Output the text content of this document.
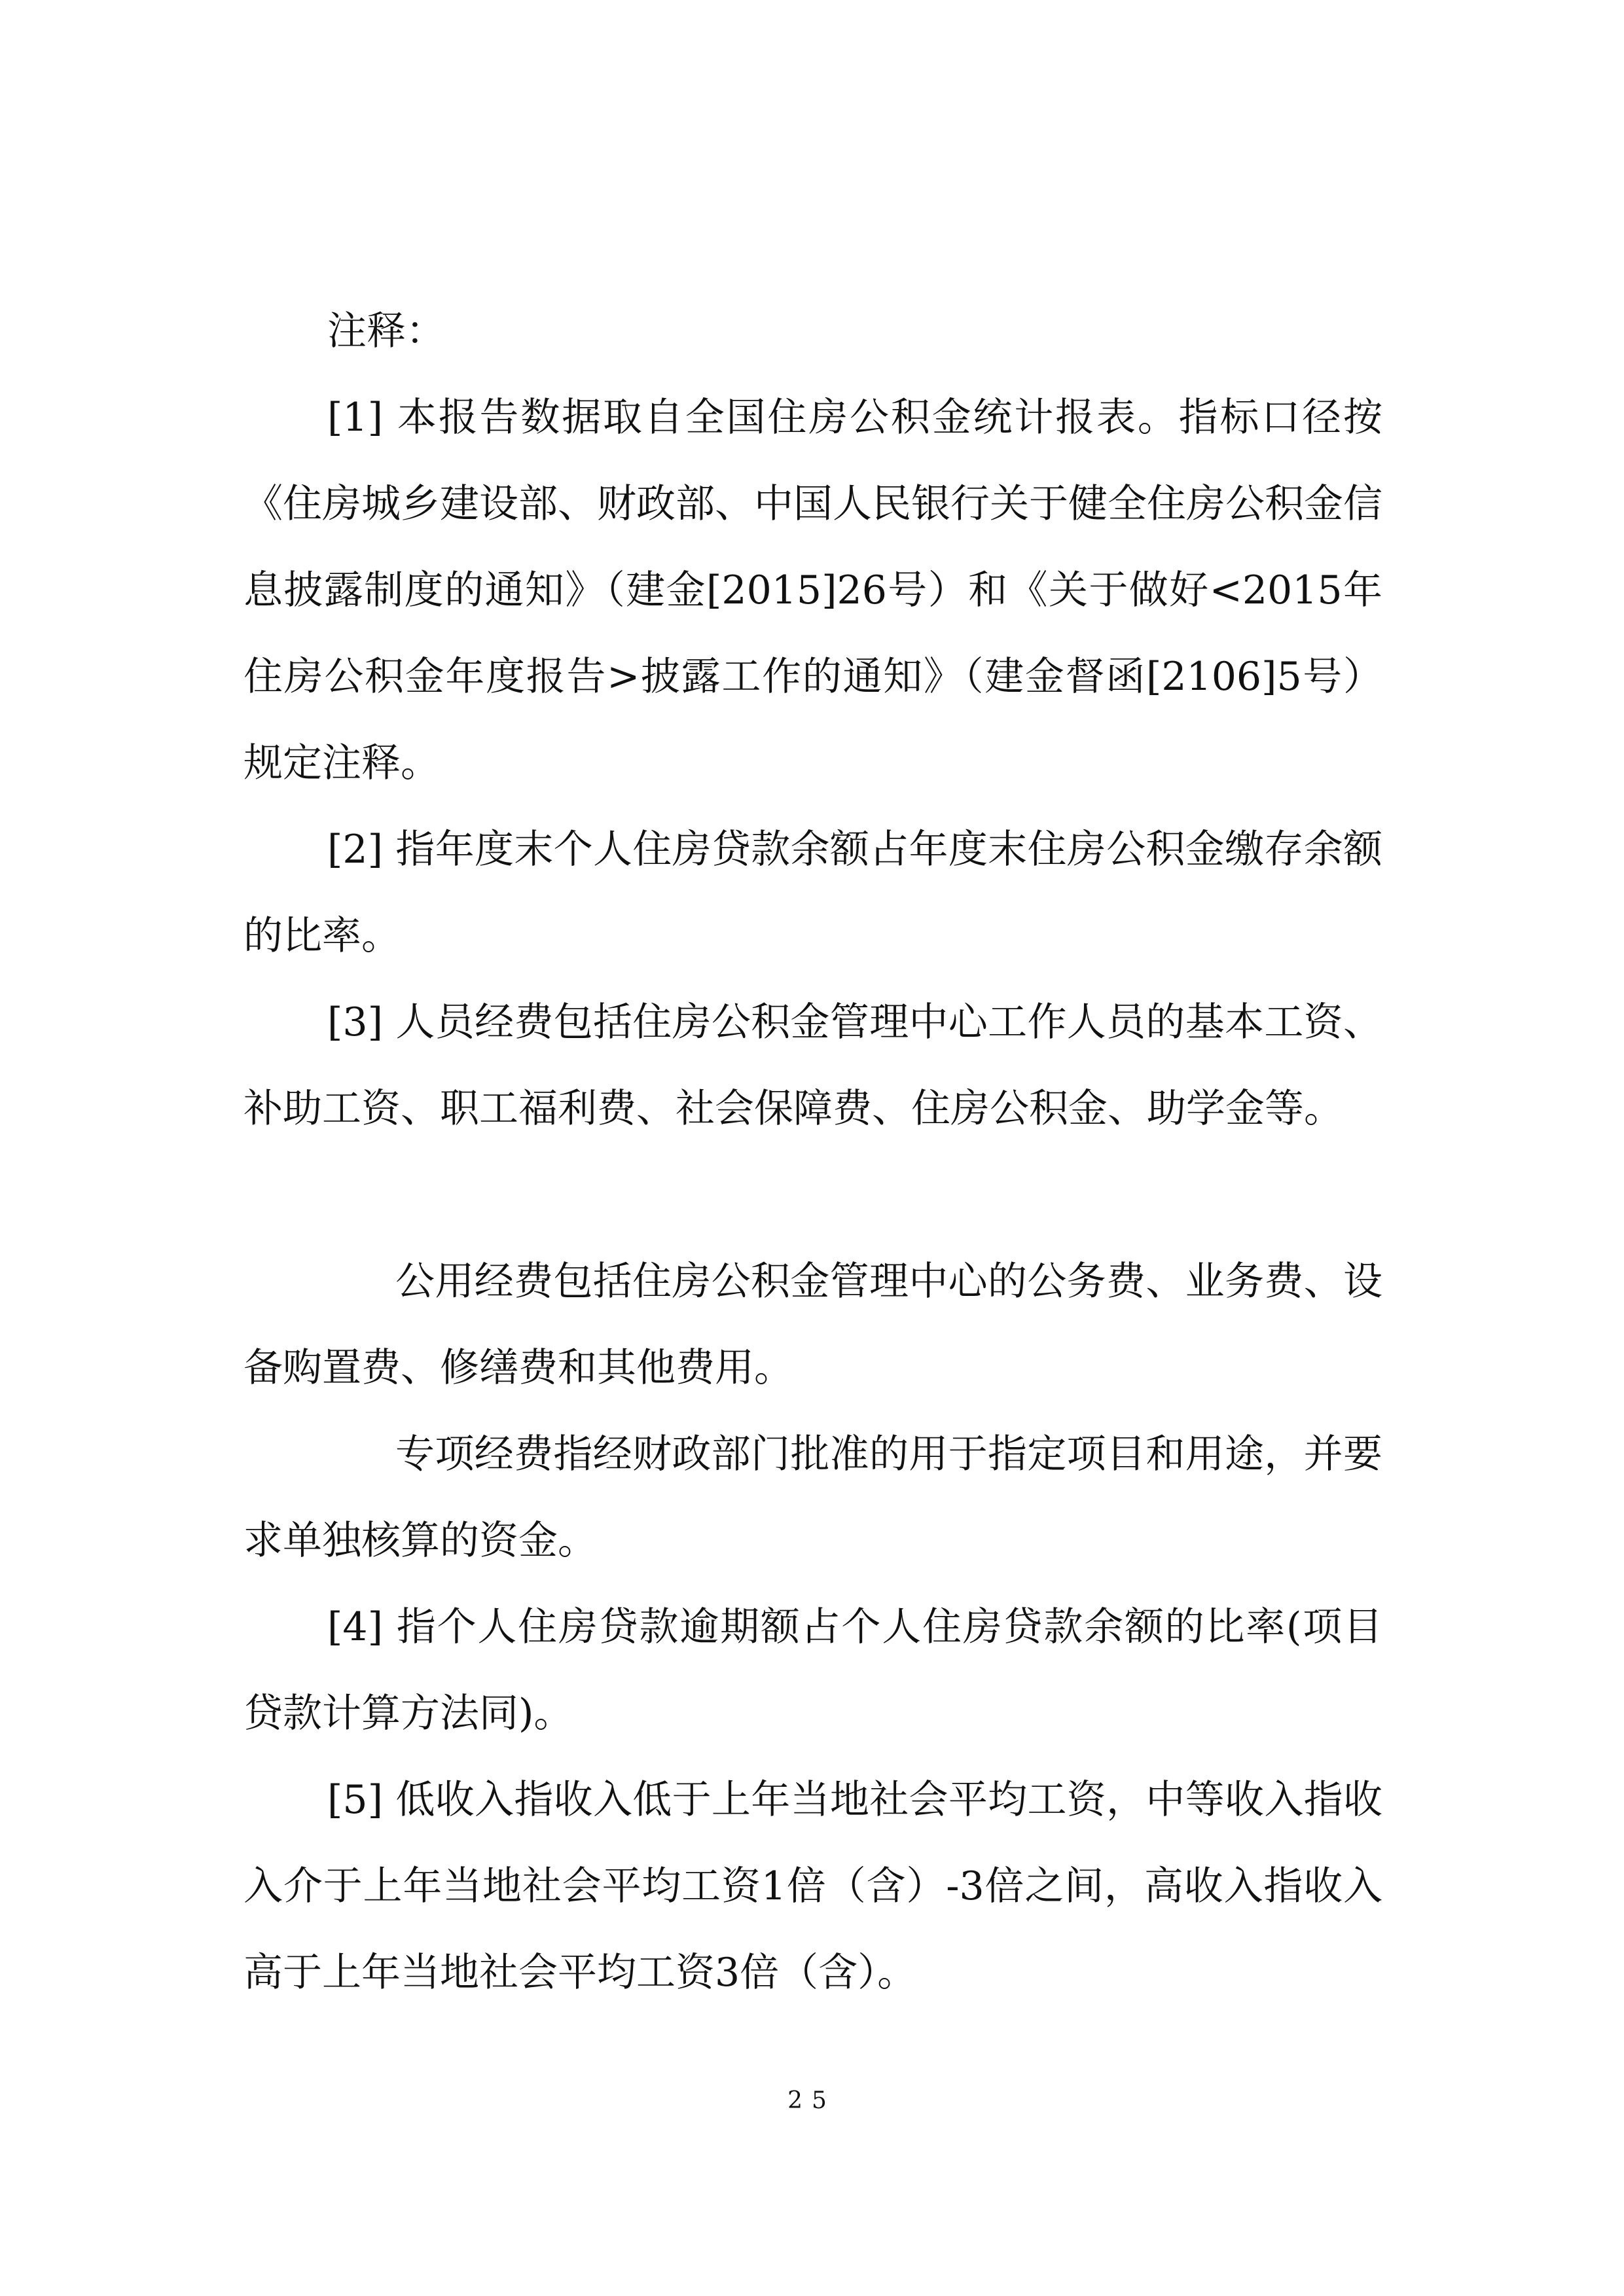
注释：

[1] 本报告数据取自全国住房公积金统计报表。指标口径按《住房城乡建设部、财政部、中国人民银行关于健全住房公积金信息披露制度的通知》（建金[2015]26号）和《关于做好<2015年住房公积金年度报告>披露工作的通知》（建金督函[2106]5号）规定注释。

[2] 指年度末个人住房贷款余额占年度末住房公积金缴存余额的比率。

[3] 人员经费包括住房公积金管理中心工作人员的基本工资、补助工资、职工福利费、社会保障费、住房公积金、助学金等。

公用经费包括住房公积金管理中心的公务费、业务费、设备购置费、修缮费和其他费用。

专项经费指经财政部门批准的用于指定项目和用途，并要求单独核算的资金。

[4] 指个人住房贷款逾期额占个人住房贷款余额的比率(项目贷款计算方法同)。

[5] 低收入指收入低于上年当地社会平均工资，中等收入指收入介于上年当地社会平均工资1倍（含）-3倍之间，高收入指收入高于上年当地社会平均工资3倍（含）。

25
